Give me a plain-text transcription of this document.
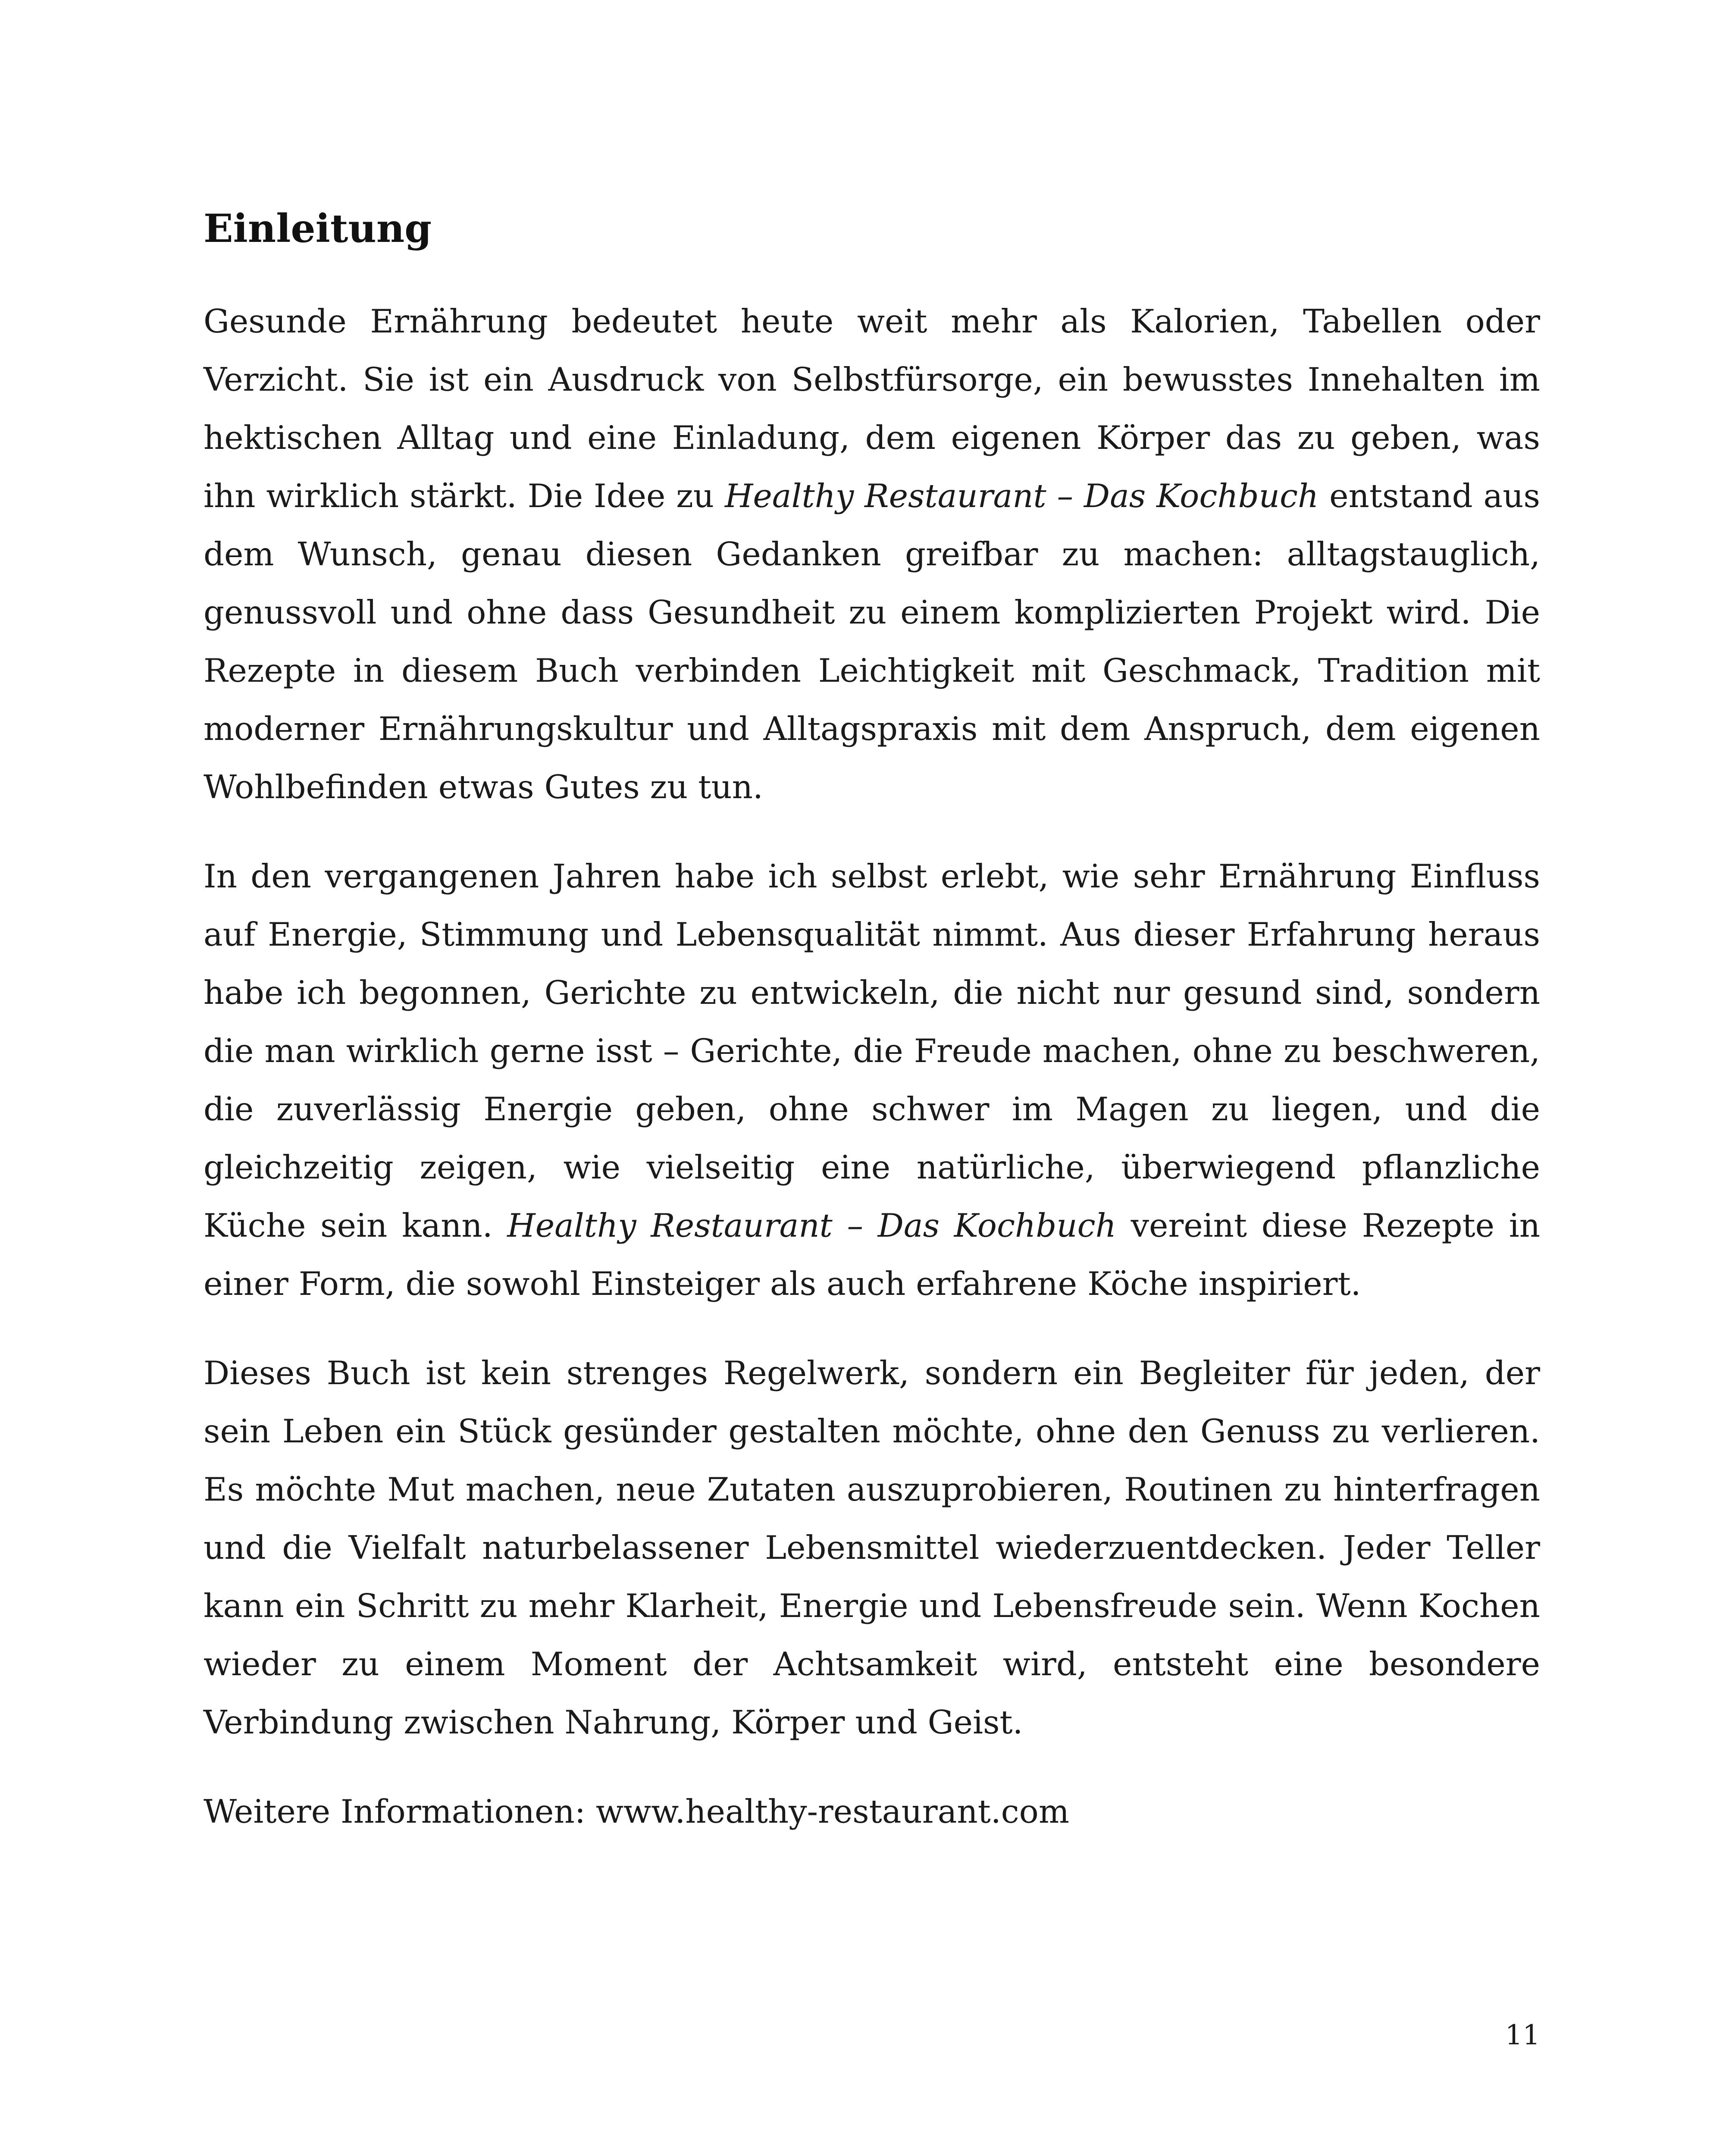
Einleitung

Gesunde Ernährung bedeutet heute weit mehr als Kalorien, Tabellen oder Verzicht. Sie ist ein Ausdruck von Selbstfürsorge, ein bewusstes Innehalten im hektischen Alltag und eine Einladung, dem eigenen Körper das zu geben, was ihn wirklich stärkt. Die Idee zu Healthy Restaurant – Das Kochbuch entstand aus dem Wunsch, genau diesen Gedanken greifbar zu machen: alltagstauglich, genussvoll und ohne dass Gesundheit zu einem komplizierten Projekt wird. Die Rezepte in diesem Buch verbinden Leichtigkeit mit Geschmack, Tradition mit moderner Ernährungskultur und Alltagspraxis mit dem Anspruch, dem eigenen Wohlbefinden etwas Gutes zu tun.

In den vergangenen Jahren habe ich selbst erlebt, wie sehr Ernährung Einfluss auf Energie, Stimmung und Lebensqualität nimmt. Aus dieser Erfahrung heraus habe ich begonnen, Gerichte zu entwickeln, die nicht nur gesund sind, sondern die man wirklich gerne isst – Gerichte, die Freude machen, ohne zu beschweren, die zuverlässig Energie geben, ohne schwer im Magen zu liegen, und die gleichzeitig zeigen, wie vielseitig eine natürliche, überwiegend pflanzliche Küche sein kann. Healthy Restaurant – Das Kochbuch vereint diese Rezepte in einer Form, die sowohl Einsteiger als auch erfahrene Köche inspiriert.

Dieses Buch ist kein strenges Regelwerk, sondern ein Begleiter für jeden, der sein Leben ein Stück gesünder gestalten möchte, ohne den Genuss zu verlieren. Es möchte Mut machen, neue Zutaten auszuprobieren, Routinen zu hinterfragen und die Vielfalt naturbelassener Lebensmittel wiederzuentdecken. Jeder Teller kann ein Schritt zu mehr Klarheit, Energie und Lebensfreude sein. Wenn Kochen wieder zu einem Moment der Achtsamkeit wird, entsteht eine besondere Verbindung zwischen Nahrung, Körper und Geist.

Weitere Informationen: www.healthy-restaurant.com

11
